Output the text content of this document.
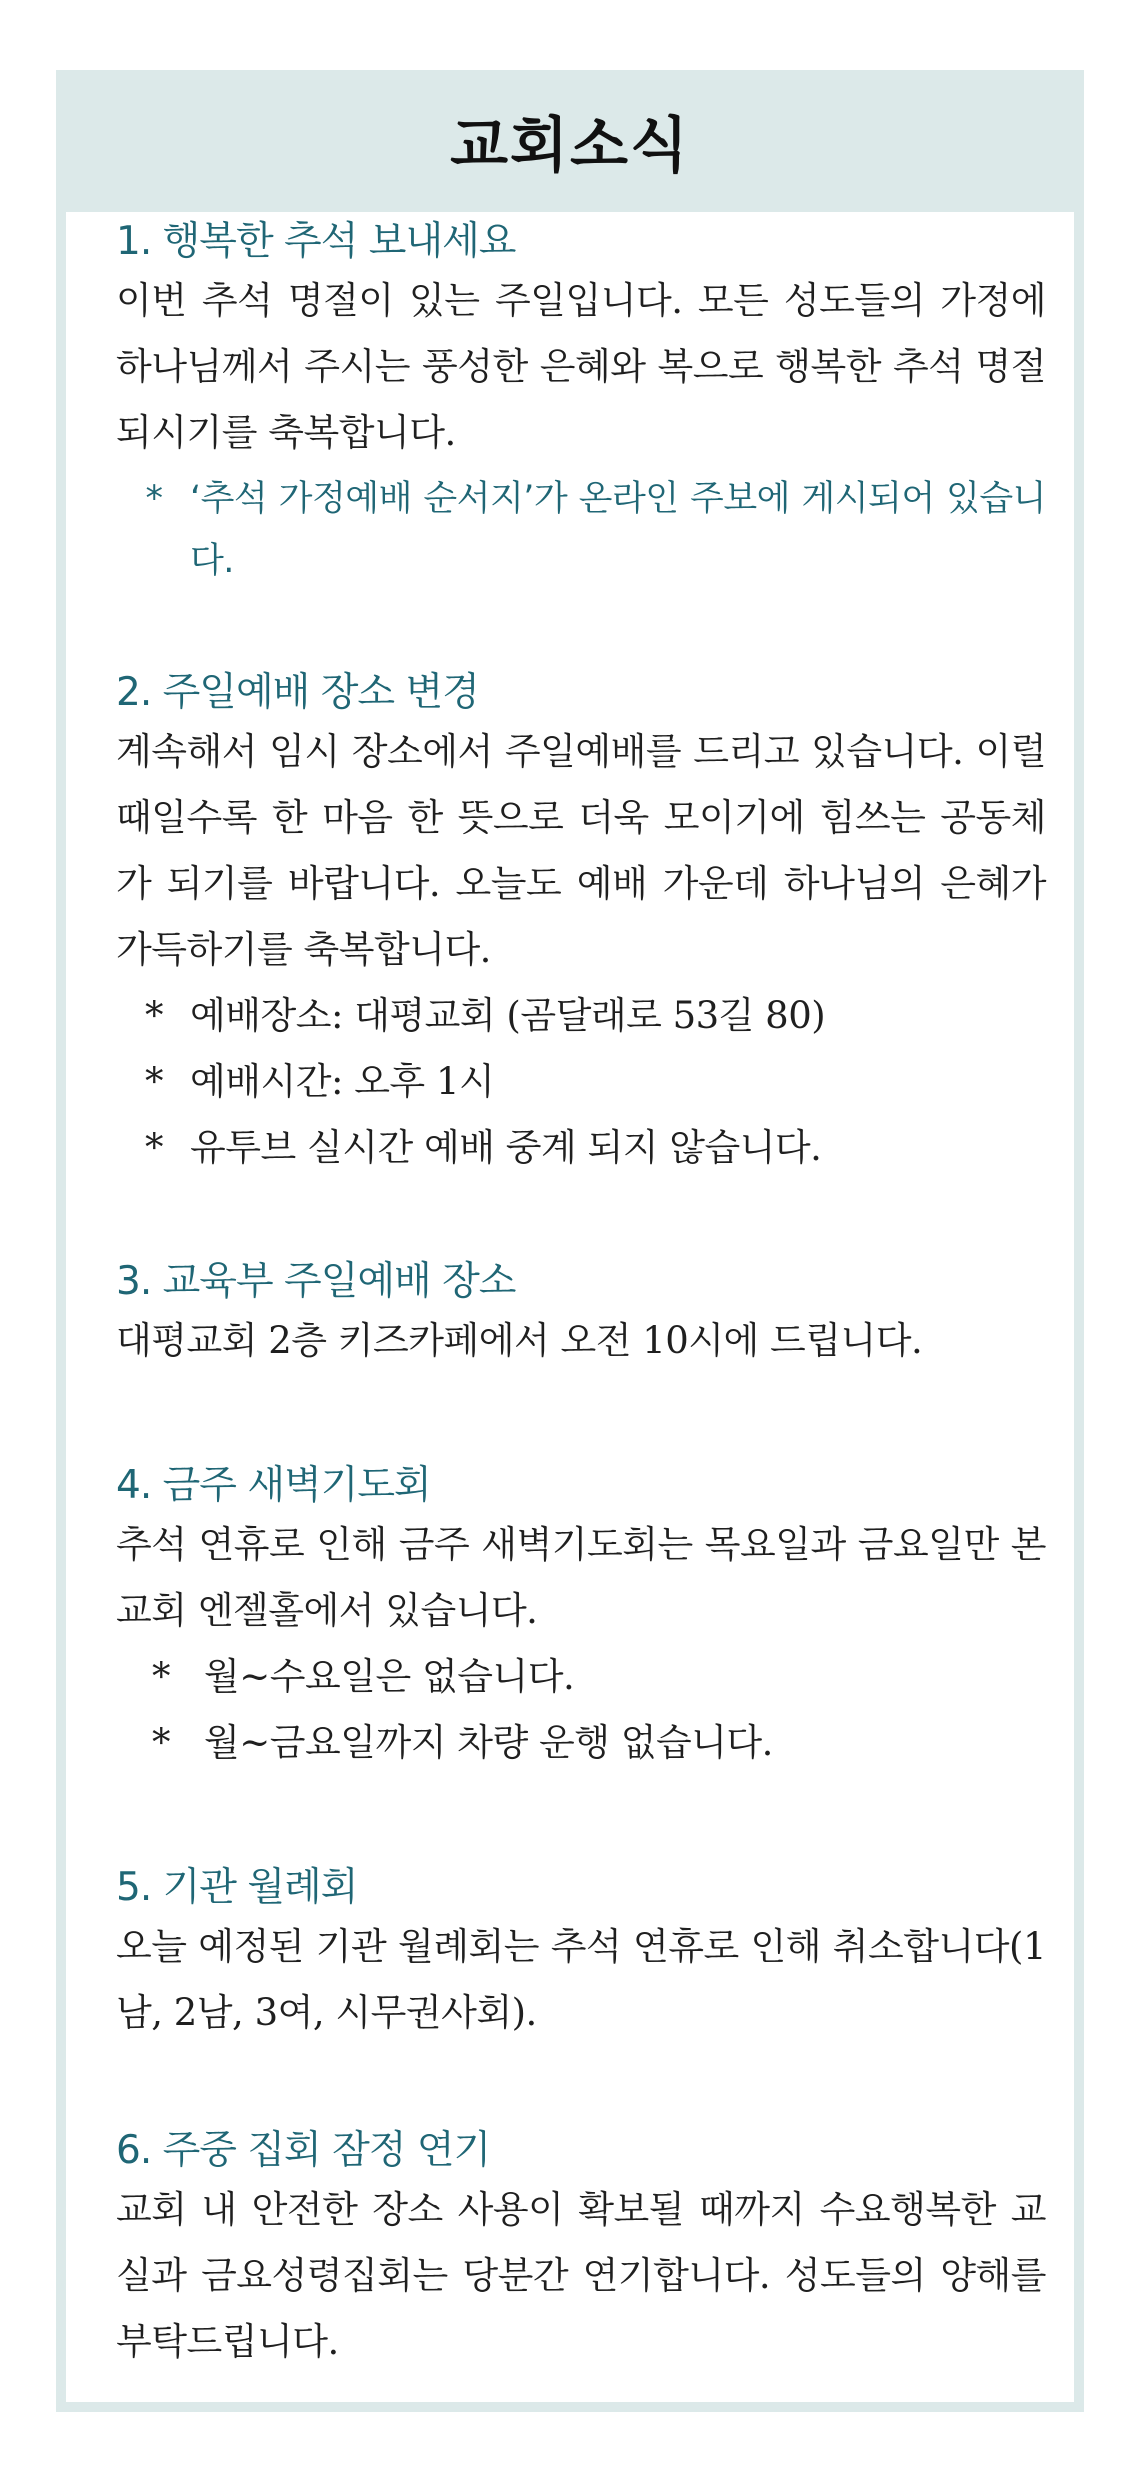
교회소식
1. 행복한 추석 보내세요
이번 추석 명절이 있는 주일입니다. 모든 성도들의 가정에 하나님께서 주시는 풍성한 은혜와 복으로 행복한 추석 명절 되시기를 축복합니다.
* ‘추석 가정예배 순서지’가 온라인 주보에 게시되어 있습니다.
2. 주일예배 장소 변경
계속해서 임시 장소에서 주일예배를 드리고 있습니다. 이럴 때일수록 한 마음 한 뜻으로 더욱 모이기에 힘쓰는 공동체가 되기를 바랍니다. 오늘도 예배 가운데 하나님의 은혜가 가득하기를 축복합니다.
* 예배장소: 대평교회 (곰달래로 53길 80)
* 예배시간: 오후 1시
* 유투브 실시간 예배 중계 되지 않습니다.
3. 교육부 주일예배 장소
대평교회 2층 키즈카페에서 오전 10시에 드립니다.
4. 금주 새벽기도회
추석 연휴로 인해 금주 새벽기도회는 목요일과 금요일만 본 교회 엔젤홀에서 있습니다.
* 월~수요일은 없습니다.
* 월~금요일까지 차량 운행 없습니다.
5. 기관 월례회
오늘 예정된 기관 월례회는 추석 연휴로 인해 취소합니다(1남, 2남, 3여, 시무권사회).
6. 주중 집회 잠정 연기
교회 내 안전한 장소 사용이 확보될 때까지 수요행복한 교실과 금요성령집회는 당분간 연기합니다. 성도들의 양해를 부탁드립니다.
